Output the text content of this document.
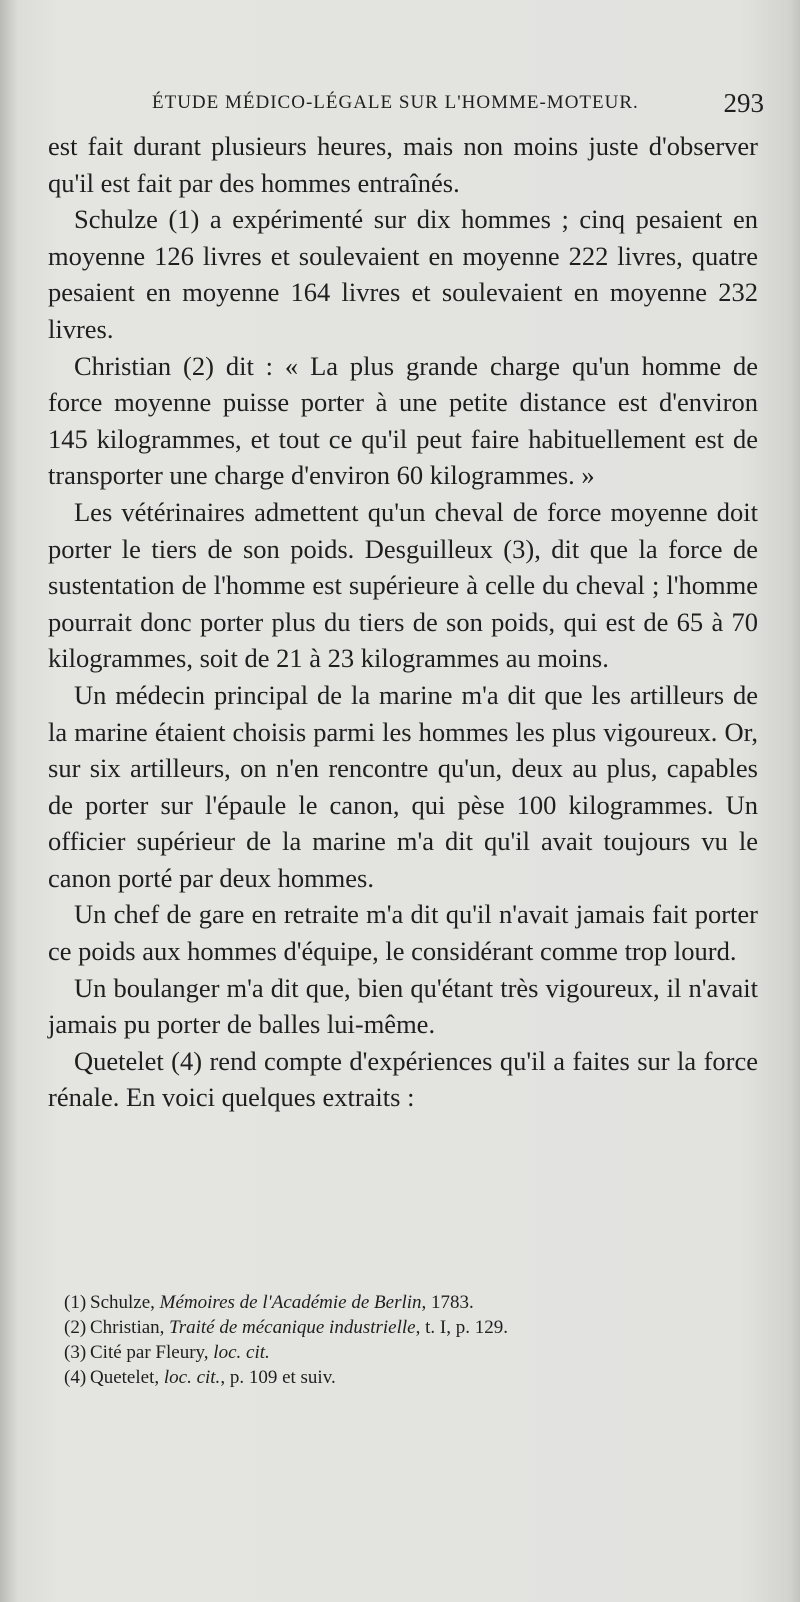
ÉTUDE MÉDICO-LÉGALE SUR L'HOMME-MOTEUR.	293

est fait durant plusieurs heures, mais non moins juste d'observer qu'il est fait par des hommes entraînés.

Schulze (1) a expérimenté sur dix hommes ; cinq pesaient en moyenne 126 livres et soulevaient en moyenne 222 livres, quatre pesaient en moyenne 164 livres et soulevaient en moyenne 232 livres.

Christian (2) dit : « La plus grande charge qu'un homme de force moyenne puisse porter à une petite distance est d'environ 145 kilogrammes, et tout ce qu'il peut faire habituellement est de transporter une charge d'environ 60 kilogrammes. »

Les vétérinaires admettent qu'un cheval de force moyenne doit porter le tiers de son poids. Desguilleux (3), dit que la force de sustentation de l'homme est supérieure à celle du cheval ; l'homme pourrait donc porter plus du tiers de son poids, qui est de 65 à 70 kilogrammes, soit de 21 à 23 kilogrammes au moins.

Un médecin principal de la marine m'a dit que les artilleurs de la marine étaient choisis parmi les hommes les plus vigoureux. Or, sur six artilleurs, on n'en rencontre qu'un, deux au plus, capables de porter sur l'épaule le canon, qui pèse 100 kilogrammes. Un officier supérieur de la marine m'a dit qu'il avait toujours vu le canon porté par deux hommes.

Un chef de gare en retraite m'a dit qu'il n'avait jamais fait porter ce poids aux hommes d'équipe, le considérant comme trop lourd.

Un boulanger m'a dit que, bien qu'étant très vigoureux, il n'avait jamais pu porter de balles lui-même.

Quetelet (4) rend compte d'expériences qu'il a faites sur la force rénale. En voici quelques extraits :

(1) Schulze, Mémoires de l'Académie de Berlin, 1783.
(2) Christian, Traité de mécanique industrielle, t. I, p. 129.
(3) Cité par Fleury, loc. cit.
(4) Quetelet, loc. cit., p. 109 et suiv.
